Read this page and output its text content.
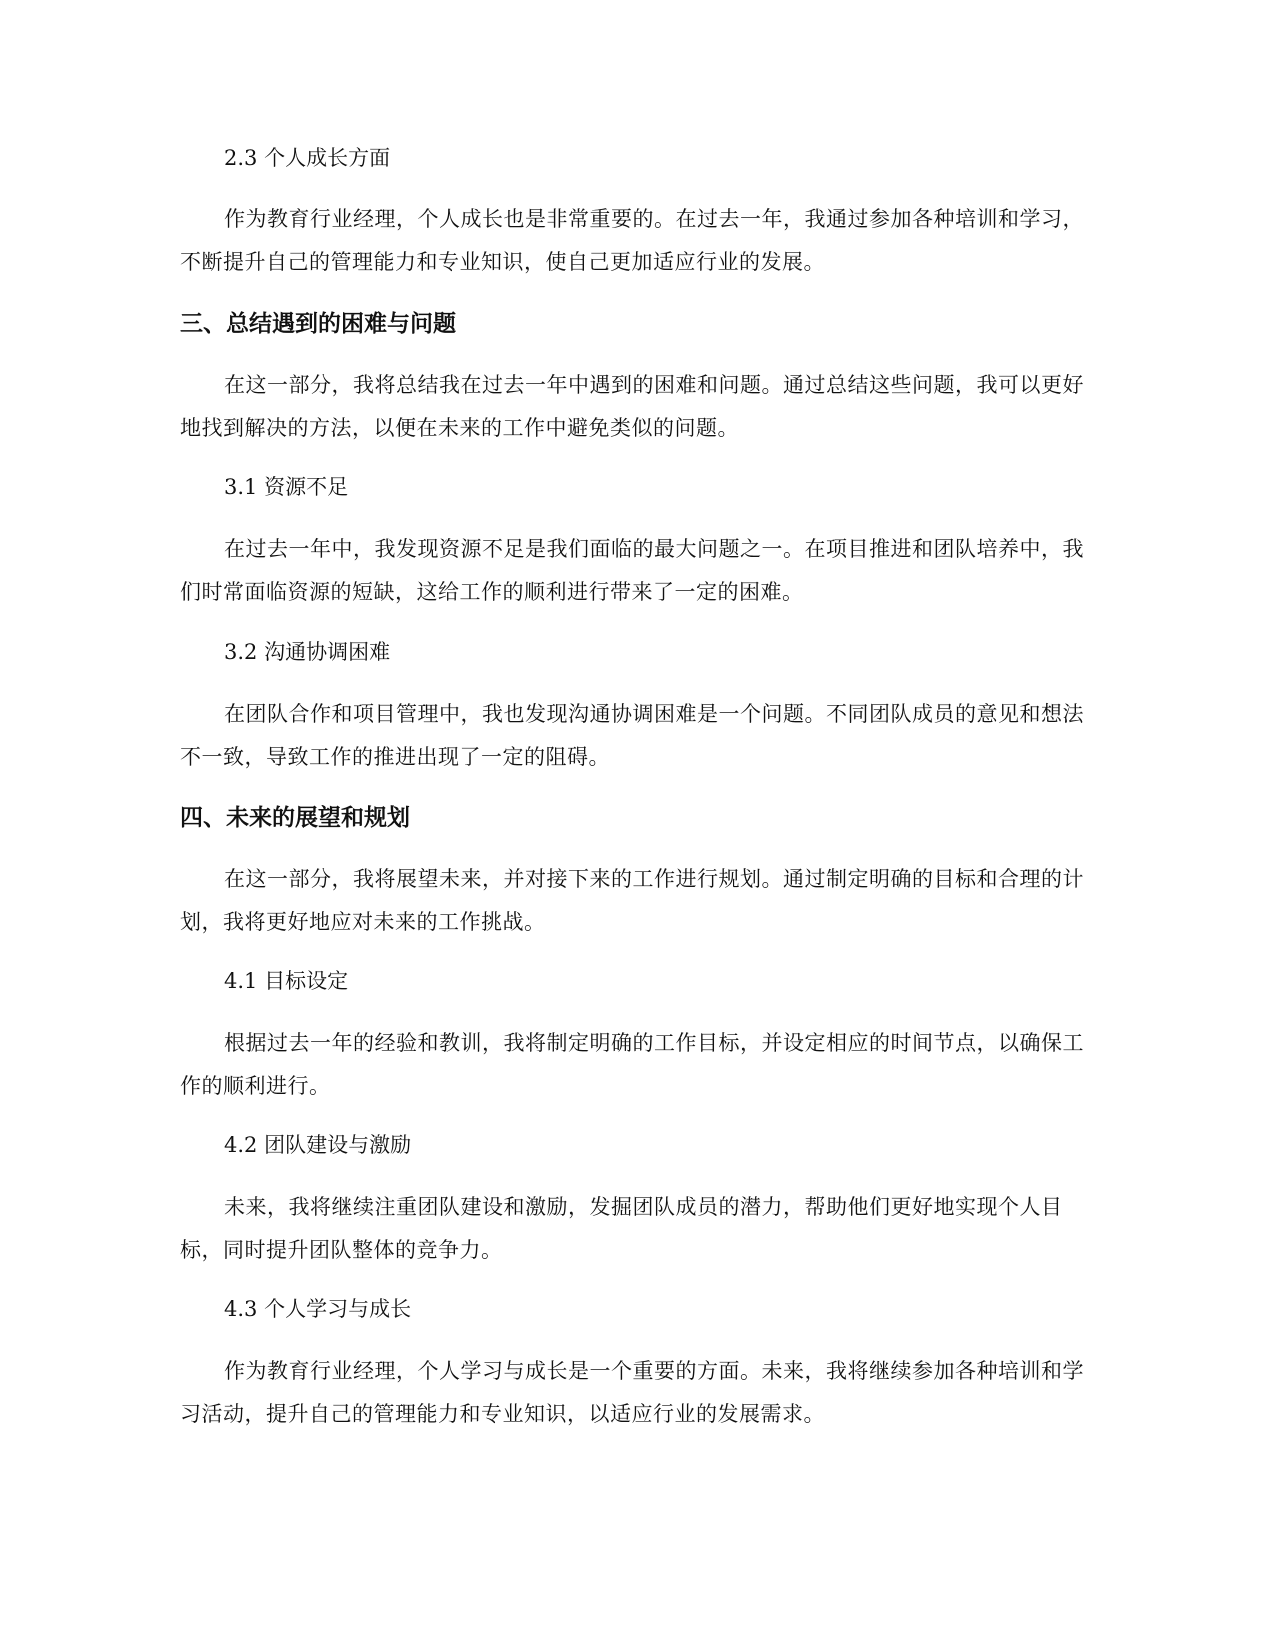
2.3 个人成长方面

作为教育行业经理，个人成长也是非常重要的。在过去一年，我通过参加各种培训和学习，不断提升自己的管理能力和专业知识，使自己更加适应行业的发展。

三、总结遇到的困难与问题

在这一部分，我将总结我在过去一年中遇到的困难和问题。通过总结这些问题，我可以更好地找到解决的方法，以便在未来的工作中避免类似的问题。

3.1 资源不足

在过去一年中，我发现资源不足是我们面临的最大问题之一。在项目推进和团队培养中，我们时常面临资源的短缺，这给工作的顺利进行带来了一定的困难。

3.2 沟通协调困难

在团队合作和项目管理中，我也发现沟通协调困难是一个问题。不同团队成员的意见和想法不一致，导致工作的推进出现了一定的阻碍。

四、未来的展望和规划

在这一部分，我将展望未来，并对接下来的工作进行规划。通过制定明确的目标和合理的计划，我将更好地应对未来的工作挑战。

4.1 目标设定

根据过去一年的经验和教训，我将制定明确的工作目标，并设定相应的时间节点，以确保工作的顺利进行。

4.2 团队建设与激励

未来，我将继续注重团队建设和激励，发掘团队成员的潜力，帮助他们更好地实现个人目标，同时提升团队整体的竞争力。

4.3 个人学习与成长

作为教育行业经理，个人学习与成长是一个重要的方面。未来，我将继续参加各种培训和学习活动，提升自己的管理能力和专业知识，以适应行业的发展需求。
